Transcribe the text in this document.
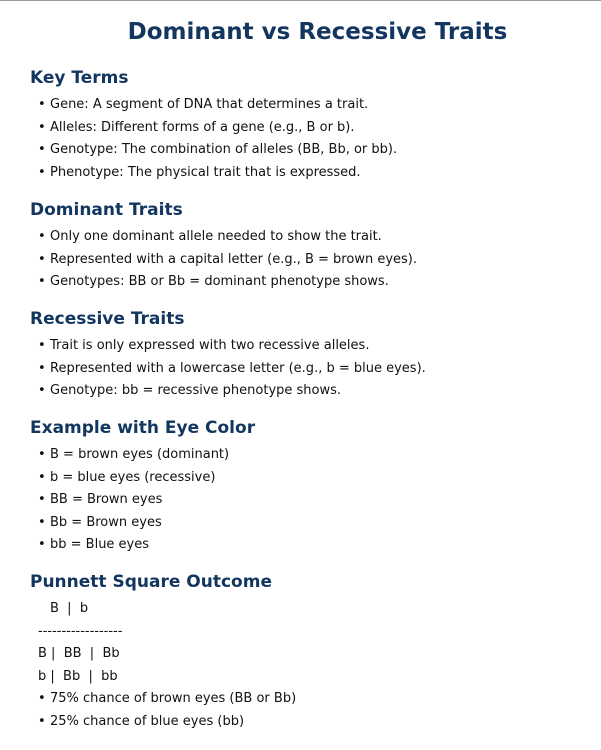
Dominant vs Recessive Traits
Key Terms
• Gene: A segment of DNA that determines a trait.
• Alleles: Different forms of a gene (e.g., B or b).
• Genotype: The combination of alleles (BB, Bb, or bb).
• Phenotype: The physical trait that is expressed.
Dominant Traits
• Only one dominant allele needed to show the trait.
• Represented with a capital letter (e.g., B = brown eyes).
• Genotypes: BB or Bb = dominant phenotype shows.
Recessive Traits
• Trait is only expressed with two recessive alleles.
• Represented with a lowercase letter (e.g., b = blue eyes).
• Genotype: bb = recessive phenotype shows.
Example with Eye Color
• B = brown eyes (dominant)
• b = blue eyes (recessive)
• BB = Brown eyes
• Bb = Brown eyes
• bb = Blue eyes
Punnett Square Outcome
B  |  b
------------------
B |  BB  |  Bb
b |  Bb  |  bb
• 75% chance of brown eyes (BB or Bb)
• 25% chance of blue eyes (bb)
